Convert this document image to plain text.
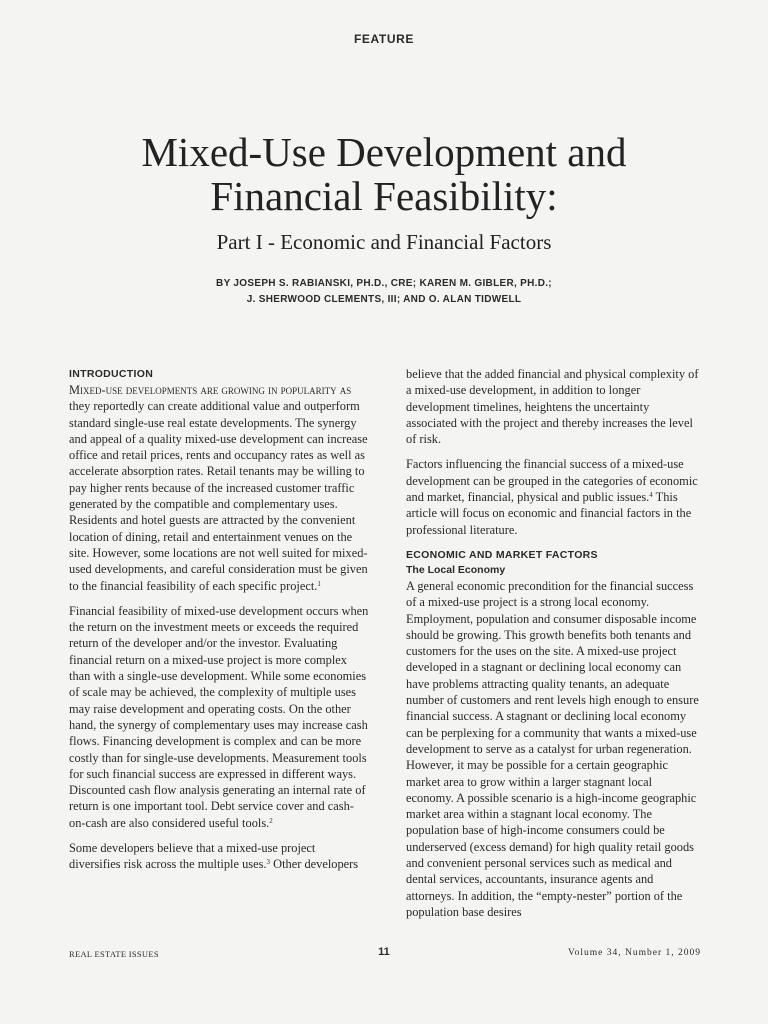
FEATURE
Mixed-Use Development and
Financial Feasibility:
Part I - Economic and Financial Factors
BY JOSEPH S. RABIANSKI, PH.D., CRE; KAREN M. GIBLER, PH.D.;
J. SHERWOOD CLEMENTS, III; AND O. ALAN TIDWELL
INTRODUCTION

Mixed-use developments are growing in popularity as they reportedly can create additional value and outperform standard single-use real estate developments. The synergy and appeal of a quality mixed-use development can increase office and retail prices, rents and occupancy rates as well as accelerate absorption rates. Retail tenants may be willing to pay higher rents because of the increased customer traffic generated by the compatible and complementary uses. Residents and hotel guests are attracted by the convenient location of dining, retail and entertainment venues on the site. However, some locations are not well suited for mixed-used developments, and careful consideration must be given to the financial feasibility of each specific project.$^1$

Financial feasibility of mixed-use development occurs when the return on the investment meets or exceeds the required return of the developer and/or the investor. Evaluating financial return on a mixed-use project is more complex than with a single-use development. While some economies of scale may be achieved, the complexity of multiple uses may raise development and operating costs. On the other hand, the synergy of complementary uses may increase cash flows. Financing development is complex and can be more costly than for single-use developments. Measurement tools for such financial success are expressed in different ways. Discounted cash flow analysis generating an internal rate of return is one important tool. Debt service cover and cash-on-cash are also considered useful tools.$^2$

Some developers believe that a mixed-use project diversifies risk across the multiple uses.$^3$ Other developers

believe that the added financial and physical complexity of a mixed-use development, in addition to longer development timelines, heightens the uncertainty associated with the project and thereby increases the level of risk.

Factors influencing the financial success of a mixed-use development can be grouped in the categories of economic and market, financial, physical and public issues.$^4$ This article will focus on economic and financial factors in the professional literature.

ECONOMIC AND MARKET FACTORS
The Local Economy

A general economic precondition for the financial success of a mixed-use project is a strong local economy. Employment, population and consumer disposable income should be growing. This growth benefits both tenants and customers for the uses on the site. A mixed-use project developed in a stagnant or declining local economy can have problems attracting quality tenants, an adequate number of customers and rent levels high enough to ensure financial success. A stagnant or declining local economy can be perplexing for a community that wants a mixed-use development to serve as a catalyst for urban regeneration. However, it may be possible for a certain geographic market area to grow within a larger stagnant local economy. A possible scenario is a high-income geographic market area within a stagnant local economy. The population base of high-income consumers could be underserved (excess demand) for high quality retail goods and convenient personal services such as medical and dental services, accountants, insurance agents and attorneys. In addition, the “empty-nester” portion of the population base desires

REAL ESTATE ISSUES	11	Volume 34, Number 1, 2009
